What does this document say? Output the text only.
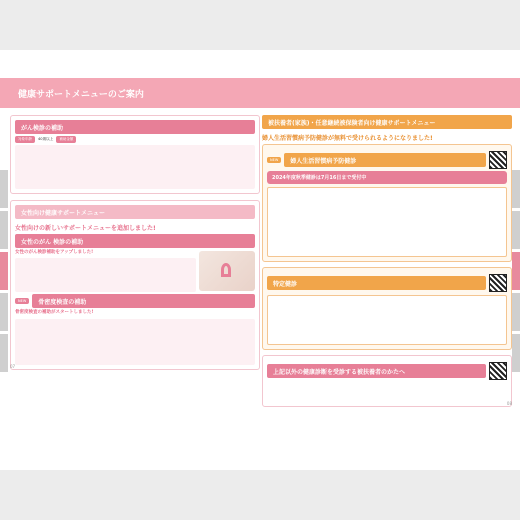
健康サポートメニューのご案内
がん検診の補助
対象年齢	40歳以上	補助金額
女性向け健康サポートメニュー
女性向けの新しいサポートメニューを追加しました!
女性のがん 検診の補助
女性のがん検診補助をアップしました!
NEW	骨密度検査の補助
骨密度検査の補助がスタートしました!
07
被扶養者(家族)・任意継続被保険者向け健康サポートメニュー
婦人生活習慣病予防健診が無料で受けられるようになりました!
NEW	婦人生活習慣病予防健診
2024年度秋季健診は7月16日まで受付中
特定健診
上記以外の健康診断を受診する被扶養者のかたへ
08
